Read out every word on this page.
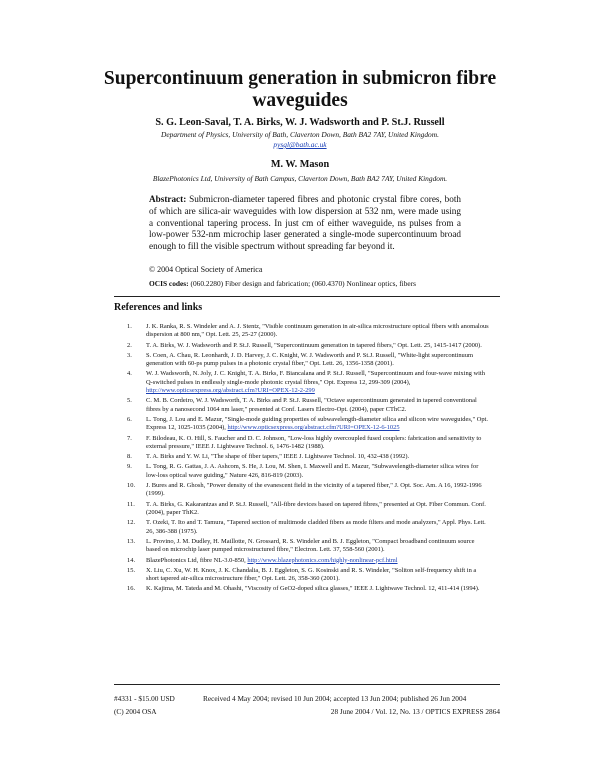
Supercontinuum generation in submicron fibre
waveguides
S. G. Leon-Saval, T. A. Birks, W. J. Wadsworth and P. St.J. Russell
Department of Physics, University of Bath, Claverton Down, Bath BA2 7AY, United Kingdom.
pysgl@bath.ac.uk
M. W. Mason
BlazePhotonics Ltd, University of Bath Campus, Claverton Down, Bath BA2 7AY, United Kingdom.
Abstract: Submicron-diameter tapered fibres and photonic crystal fibre cores, both of which are silica-air waveguides with low dispersion at 532 nm, were made using a conventional tapering process. In just cm of either waveguide, ns pulses from a low-power 532-nm microchip laser generated a single-mode supercontinuum broad enough to fill the visible spectrum without spreading far beyond it.
© 2004 Optical Society of America
OCIS codes: (060.2280) Fiber design and fabrication; (060.4370) Nonlinear optics, fibers
References and links
1. J. K. Ranka, R. S. Windeler and A. J. Stentz, "Visible continuum generation in air-silica microstructure optical fibers with anomalous dispersion at 800 nm," Opt. Lett. 25, 25-27 (2000).
2. T. A. Birks, W. J. Wadsworth and P. St.J. Russell, "Supercontinuum generation in tapered fibers," Opt. Lett. 25, 1415-1417 (2000).
3. S. Coen, A. Chau, R. Leonhardt, J. D. Harvey, J. C. Knight, W. J. Wadsworth and P. St.J. Russell, "White-light supercontinuum generation with 60-ps pump pulses in a photonic crystal fiber," Opt. Lett. 26, 1356-1358 (2001).
4. W. J. Wadsworth, N. Joly, J. C. Knight, T. A. Birks, F. Biancalana and P. St.J. Russell, "Supercontinuum and four-wave mixing with Q-switched pulses in endlessly single-mode photonic crystal fibres," Opt. Express 12, 299-309 (2004), http://www.opticsexpress.org/abstract.cfm?URI=OPEX-12-2-299
5. C. M. B. Cordeiro, W. J. Wadsworth, T. A. Birks and P. St.J. Russell, "Octave supercontinuum generated in tapered conventional fibres by a nanosecond 1064 nm laser," presented at Conf. Lasers Electro-Opt. (2004), paper CThC2.
6. L. Tong, J. Lou and E. Mazur, "Single-mode guiding properties of subwavelength-diameter silica and silicon wire waveguides," Opt. Express 12, 1025-1035 (2004), http://www.opticsexpress.org/abstract.cfm?URI=OPEX-12-6-1025
7. F. Bilodeau, K. O. Hill, S. Faucher and D. C. Johnson, "Low-loss highly overcoupled fused couplers: fabrication and sensitivity to external pressure," IEEE J. Lightwave Technol. 6, 1476-1482 (1988).
8. T. A. Birks and Y. W. Li, "The shape of fiber tapers," IEEE J. Lightwave Technol. 10, 432-438 (1992).
9. L. Tong, R. G. Gattas, J. A. Ashcom, S. He, J. Lou, M. Shen, I. Maxwell and E. Mazur, "Subwavelength-diameter silica wires for low-loss optical wave guiding," Nature 426, 816-819 (2003).
10. J. Bures and R. Ghosh, "Power density of the evanescent field in the vicinity of a tapered fiber," J. Opt. Soc. Am. A 16, 1992-1996 (1999).
11. T. A. Birks, G. Kakarantzas and P. St.J. Russell, "All-fibre devices based on tapered fibres," presented at Opt. Fiber Commun. Conf. (2004), paper ThK2.
12. T. Ozeki, T. Ito and T. Tamura, "Tapered section of multimode cladded fibers as mode filters and mode analyzers," Appl. Phys. Lett. 26, 386-388 (1975).
13. L. Provino, J. M. Dudley, H. Maillotte, N. Grossard, R. S. Windeler and B. J. Eggleton, "Compact broadband continuum source based on microchip laser pumped microstructured fibre," Electron. Lett. 37, 558-560 (2001).
14. BlazePhotonics Ltd, fibre NL-3.0-850, http://www.blazephotonics.com/highly-nonlinear-pcf.html
15. X. Liu, C. Xu, W. H. Knox, J. K. Chandalia, B. J. Eggleton, S. G. Kosinski and R. S. Windeler, "Soliton self-frequency shift in a short tapered air-silica microstructure fiber," Opt. Lett. 26, 358-360 (2001).
16. K. Kajima, M. Tateda and M. Ohashi, "Viscosity of GeO2-doped silica glasses," IEEE J. Lightwave Technol. 12, 411-414 (1994).
#4331 - $15.00 USD
(C) 2004 OSA
Received 4 May 2004; revised 10 Jun 2004; accepted 13 Jun 2004; published 26 Jun 2004
28 June 2004 / Vol. 12, No. 13 / OPTICS EXPRESS 2864
